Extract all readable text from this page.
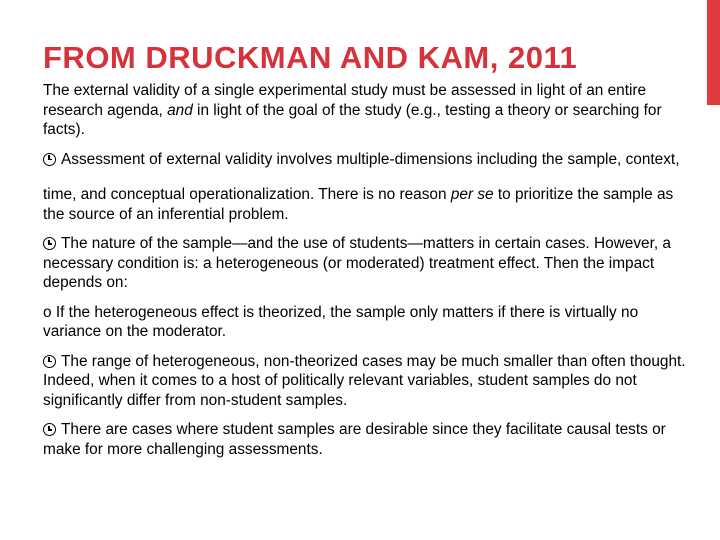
FROM DRUCKMAN AND KAM, 2011

The external validity of a single experimental study must be assessed in light of an entire research agenda, and in light of the goal of the study (e.g., testing a theory or searching for facts).

Assessment of external validity involves multiple-dimensions including the sample, context,

time, and conceptual operationalization. There is no reason per se to prioritize the sample as the source of an inferential problem.

The nature of the sample—and the use of students—matters in certain cases. However, a necessary condition is: a heterogeneous (or moderated) treatment effect. Then the impact depends on:

o If the heterogeneous effect is theorized, the sample only matters if there is virtually no variance on the moderator.

The range of heterogeneous, non-theorized cases may be much smaller than often thought. Indeed, when it comes to a host of politically relevant variables, student samples do not significantly differ from non-student samples.

There are cases where student samples are desirable since they facilitate causal tests or make for more challenging assessments.
